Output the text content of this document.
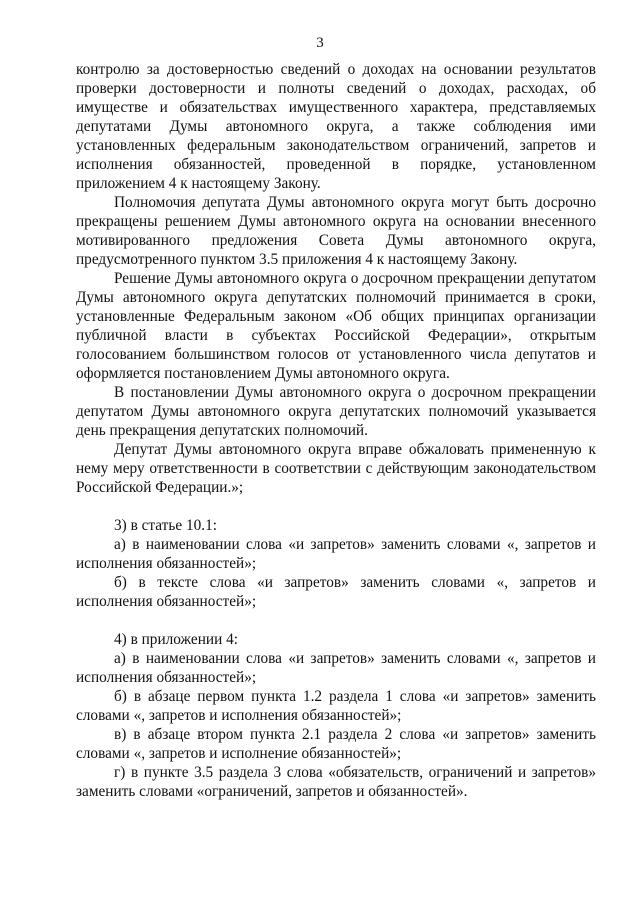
3

контролю за достоверностью сведений о доходах на основании результатов проверки достоверности и полноты сведений о доходах, расходах, об имуществе и обязательствах имущественного характера, представляемых депутатами Думы автономного округа, а также соблюдения ими установленных федеральным законодательством ограничений, запретов и исполнения обязанностей, проведенной в порядке, установленном приложением 4 к настоящему Закону.

Полномочия депутата Думы автономного округа могут быть досрочно прекращены решением Думы автономного округа на основании внесенного мотивированного предложения Совета Думы автономного округа, предусмотренного пунктом 3.5 приложения 4 к настоящему Закону.

Решение Думы автономного округа о досрочном прекращении депутатом Думы автономного округа депутатских полномочий принимается в сроки, установленные Федеральным законом «Об общих принципах организации публичной власти в субъектах Российской Федерации», открытым голосованием большинством голосов от установленного числа депутатов и оформляется постановлением Думы автономного округа.

В постановлении Думы автономного округа о досрочном прекращении депутатом Думы автономного округа депутатских полномочий указывается день прекращения депутатских полномочий.

Депутат Думы автономного округа вправе обжаловать примененную к нему меру ответственности в соответствии с действующим законодательством Российской Федерации.»;

3) в статье 10.1:

а) в наименовании слова «и запретов» заменить словами «, запретов и исполнения обязанностей»;

б) в тексте слова «и запретов» заменить словами «, запретов и исполнения обязанностей»;

4) в приложении 4:

а) в наименовании слова «и запретов» заменить словами «, запретов и исполнения обязанностей»;

б) в абзаце первом пункта 1.2 раздела 1 слова «и запретов» заменить словами «, запретов и исполнения обязанностей»;

в) в абзаце втором пункта 2.1 раздела 2 слова «и запретов» заменить словами «, запретов и исполнение обязанностей»;

г) в пункте 3.5 раздела 3 слова «обязательств, ограничений и запретов» заменить словами «ограничений, запретов и обязанностей».
